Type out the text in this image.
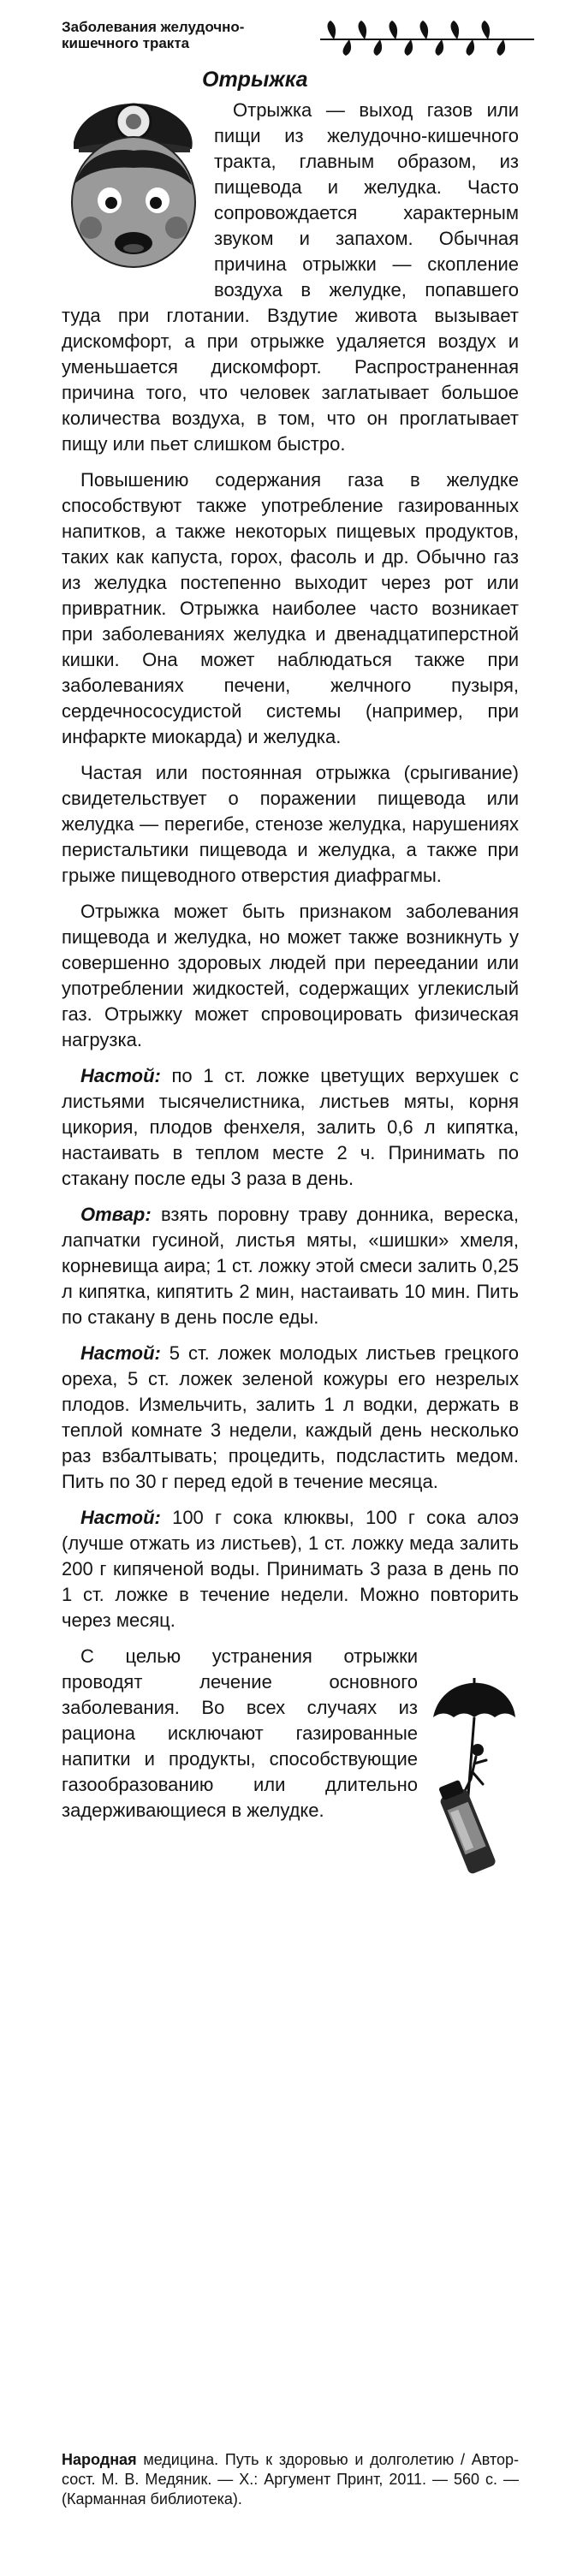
Заболевания желудочно-кишечного тракта
Отрыжка

Отрыжка — выход газов или пищи из желудочно-кишечного тракта, главным образом, из пищевода и желудка. Часто сопровождается характерным звуком и запахом. Обычная причина отрыжки — скопление воздуха в желудке, попавшего туда при глотании. Вздутие живота вызывает дискомфорт, а при отрыжке удаляется воздух и уменьшается дискомфорт. Распространенная причина того, что человек заглатывает большое количества воздуха, в том, что он проглатывает пищу или пьет слишком быстро.

Повышению содержания газа в желудке способствуют также употребление газированных напитков, а также некоторых пищевых продуктов, таких как капуста, горох, фасоль и др. Обычно газ из желудка постепенно выходит через рот или привратник. Отрыжка наиболее часто возникает при заболеваниях желудка и двенадцатиперстной кишки. Она может наблюдаться также при заболеваниях печени, желчного пузыря, сердечнососудистой системы (например, при инфаркте миокарда) и желудка.

Частая или постоянная отрыжка (срыгивание) свидетельствует о поражении пищевода или желудка — перегибе, стенозе желудка, нарушениях перистальтики пищевода и желудка, а также при грыже пищеводного отверстия диафрагмы.

Отрыжка может быть признаком заболевания пищевода и желудка, но может также возникнуть у совершенно здоровых людей при переедании или употреблении жидкостей, содержащих углекислый газ. Отрыжку может спровоцировать физическая нагрузка.

Настой: по 1 ст. ложке цветущих верхушек с листьями тысячелистника, листьев мяты, корня цикория, плодов фенхеля, залить 0,6 л кипятка, настаивать в теплом месте 2 ч. Принимать по стакану после еды 3 раза в день.

Отвар: взять поровну траву донника, вереска, лапчатки гусиной, листья мяты, «шишки» хмеля, корневища аира; 1 ст. ложку этой смеси залить 0,25 л кипятка, кипятить 2 мин, настаивать 10 мин. Пить по стакану в день после еды.

Настой: 5 ст. ложек молодых листьев грецкого ореха, 5 ст. ложек зеленой кожуры его незрелых плодов. Измельчить, залить 1 л водки, держать в теплой комнате 3 недели, каждый день несколько раз взбалтывать; процедить, подсластить медом. Пить по 30 г перед едой в течение месяца.

Настой: 100 г сока клюквы, 100 г сока алоэ (лучше отжать из листьев), 1 ст. ложку меда залить 200 г кипяченой воды. Принимать 3 раза в день по 1 ст. ложке в течение недели. Можно повторить через месяц.

С целью устранения отрыжки проводят лечение основного заболевания. Во всех случаях из рациона исключают газированные напитки и продукты, способствующие газообразованию или длительно задерживающиеся в желудке.

Народная медицина. Путь к здоровью и долголетию / Автор-сост. М. В. Медяник. — Х.: Аргумент Принт, 2011. — 560 с. — (Карманная библиотека).
